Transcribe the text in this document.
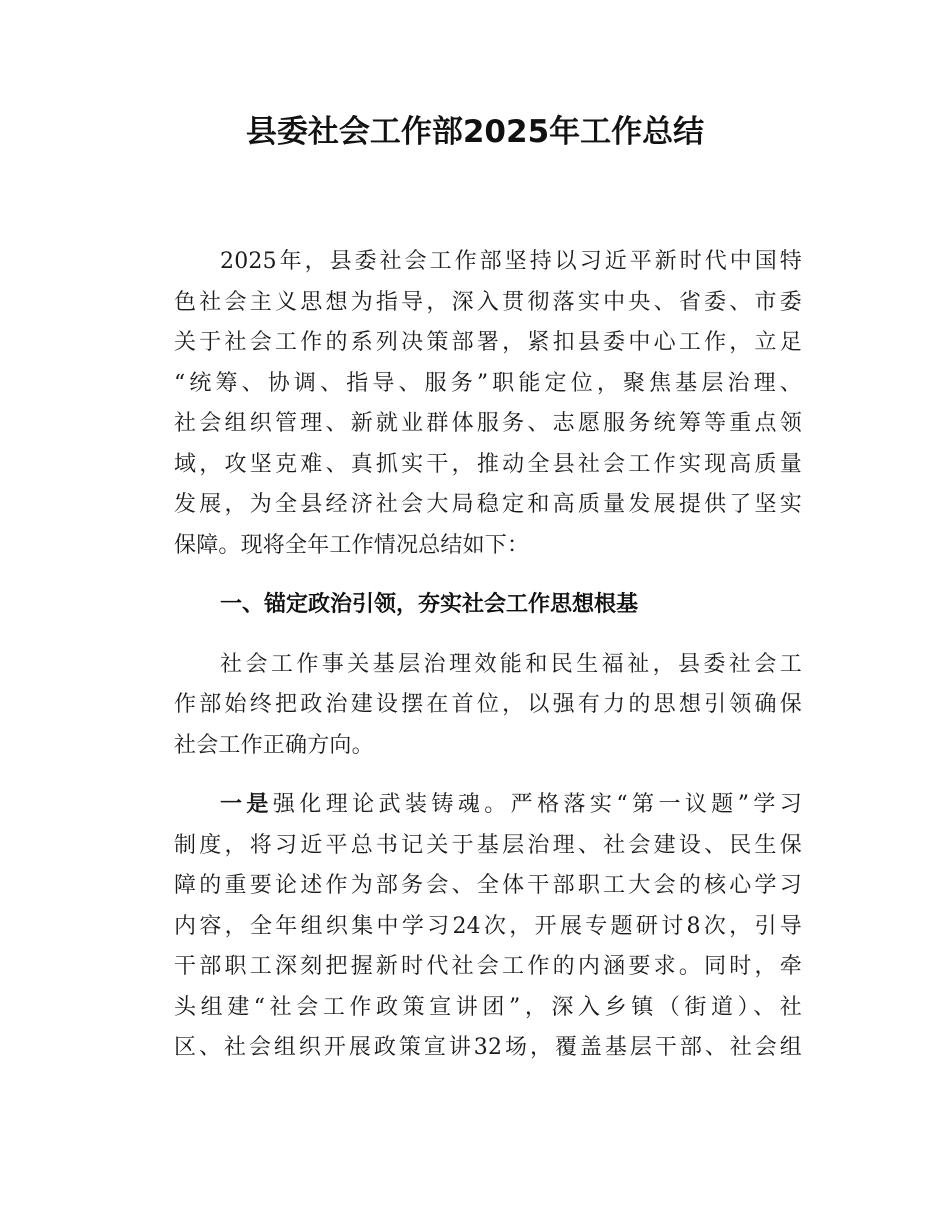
县委社会工作部2025年工作总结
2025年，县委社会工作部坚持以习近平新时代中国特
色社会主义思想为指导，深入贯彻落实中央、省委、市委
关于社会工作的系列决策部署，紧扣县委中心工作，立足
“统筹、协调、指导、服务”职能定位，聚焦基层治理、
社会组织管理、新就业群体服务、志愿服务统筹等重点领
域，攻坚克难、真抓实干，推动全县社会工作实现高质量
发展，为全县经济社会大局稳定和高质量发展提供了坚实
保障。现将全年工作情况总结如下：
一、锚定政治引领，夯实社会工作思想根基
社会工作事关基层治理效能和民生福祉，县委社会工
作部始终把政治建设摆在首位，以强有力的思想引领确保
社会工作正确方向。
一是强化理论武装铸魂。严格落实“第一议题”学习
制度，将习近平总书记关于基层治理、社会建设、民生保
障的重要论述作为部务会、全体干部职工大会的核心学习
内容，全年组织集中学习24次，开展专题研讨8次，引导
干部职工深刻把握新时代社会工作的内涵要求。同时，牵
头组建“社会工作政策宣讲团”，深入乡镇（街道）、社
区、社会组织开展政策宣讲32场，覆盖基层干部、社会组
